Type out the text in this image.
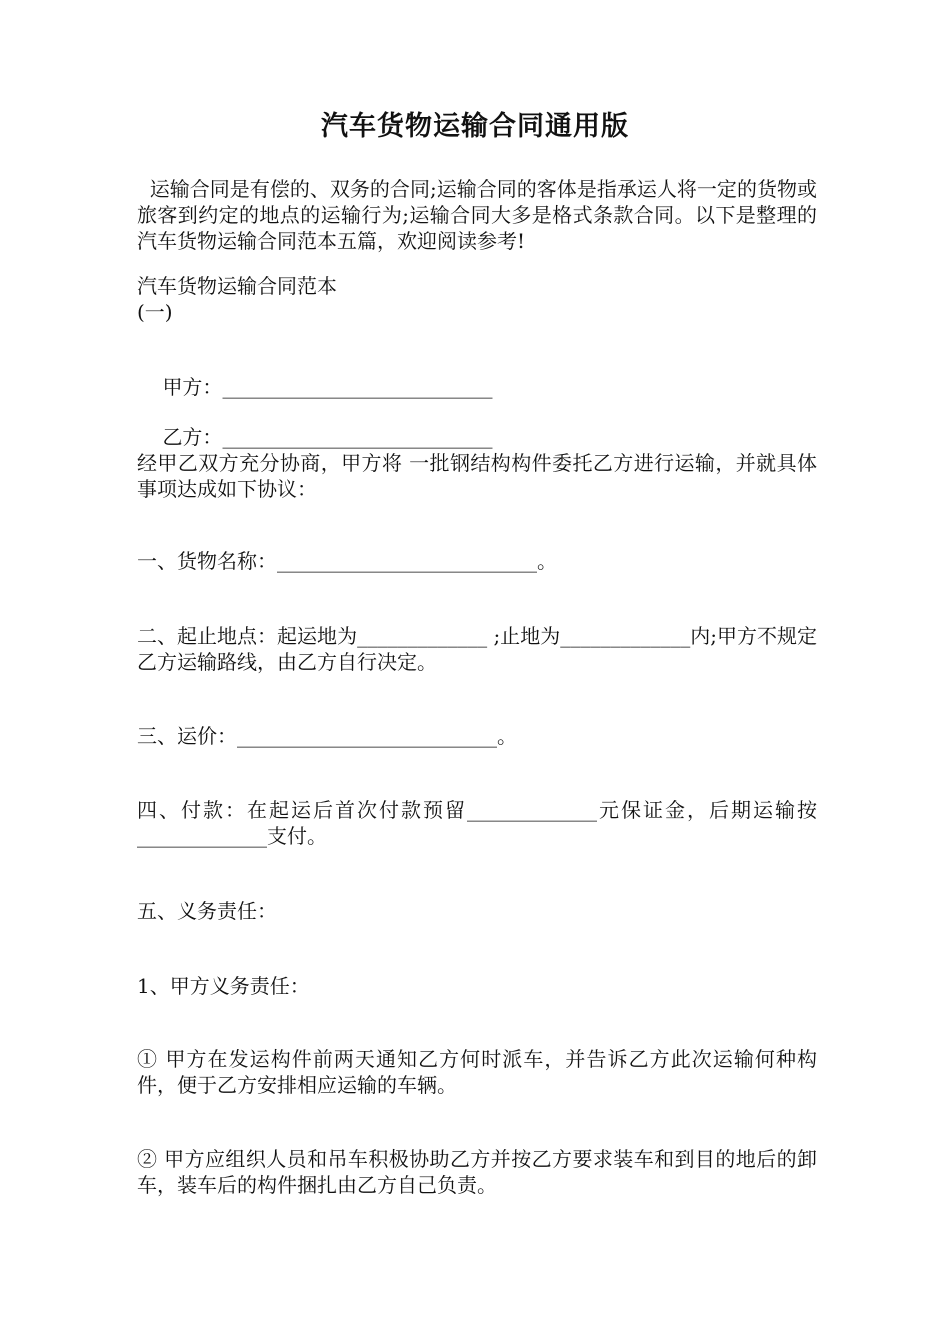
汽车货物运输合同通用版
运输合同是有偿的、双务的合同;运输合同的客体是指承运人将一定的货物或旅客到约定的地点的运输行为;运输合同大多是格式条款合同。以下是整理的汽车货物运输合同范本五篇，欢迎阅读参考!
汽车货物运输合同范本
(一)

甲方：___________________________

乙方：___________________________

经甲乙双方充分协商，甲方将 一批钢结构构件委托乙方进行运输，并就具体事项达成如下协议：
一、货物名称：__________________________。
二、起止地点：起运地为_____________ ;止地为_____________内;甲方不规定乙方运输路线，由乙方自行决定。
三、运价：__________________________。
四、付款：在起运后首次付款预留_____________元保证金，后期运输按_____________支付。
五、义务责任：
1、甲方义务责任：
① 甲方在发运构件前两天通知乙方何时派车，并告诉乙方此次运输何种构件，便于乙方安排相应运输的车辆。
② 甲方应组织人员和吊车积极协助乙方并按乙方要求装车和到目的地后的卸车，装车后的构件捆扎由乙方自己负责。
